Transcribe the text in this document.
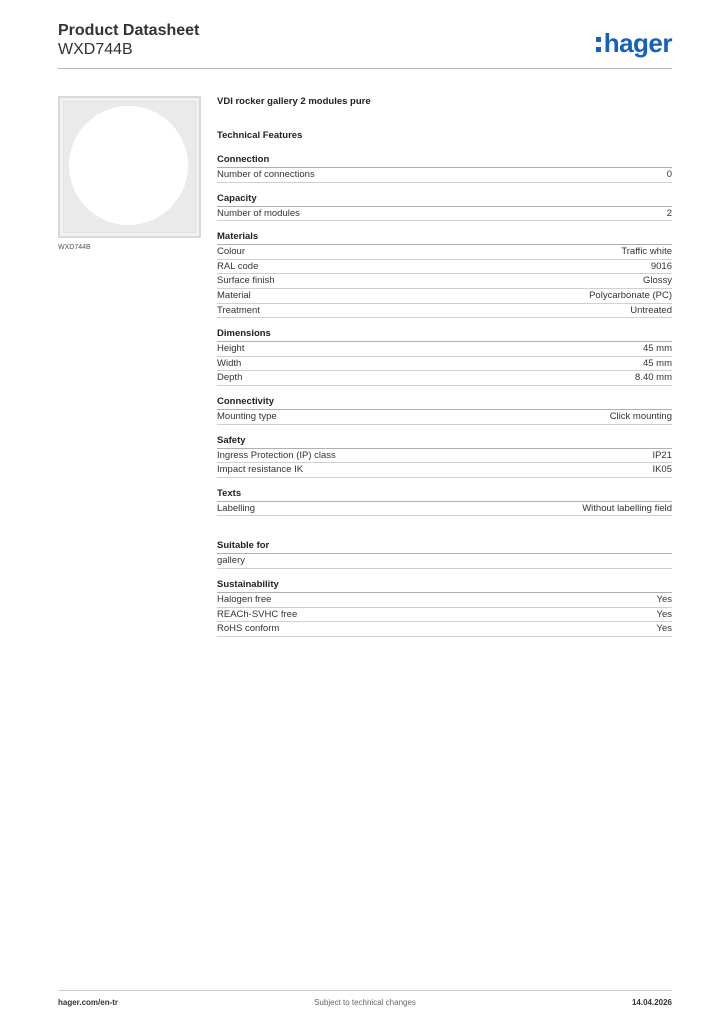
Product Datasheet
WXD744B	hager
WXD744B
VDI rocker gallery 2 modules pure
Technical Features
Connection
Number of connections	0
Capacity
Number of modules	2
Materials
Colour	Traffic white
RAL code	9016
Surface finish	Glossy
Material	Polycarbonate (PC)
Treatment	Untreated
Dimensions
Height	45 mm
Width	45 mm
Depth	8.40 mm
Connectivity
Mounting type	Click mounting
Safety
Ingress Protection (IP) class	IP21
Impact resistance IK	IK05
Texts
Labelling	Without labelling field
Suitable for
gallery
Sustainability
Halogen free	Yes
REACh-SVHC free	Yes
RoHS conform	Yes
hager.com/en-tr	Subject to technical changes	14.04.2026
